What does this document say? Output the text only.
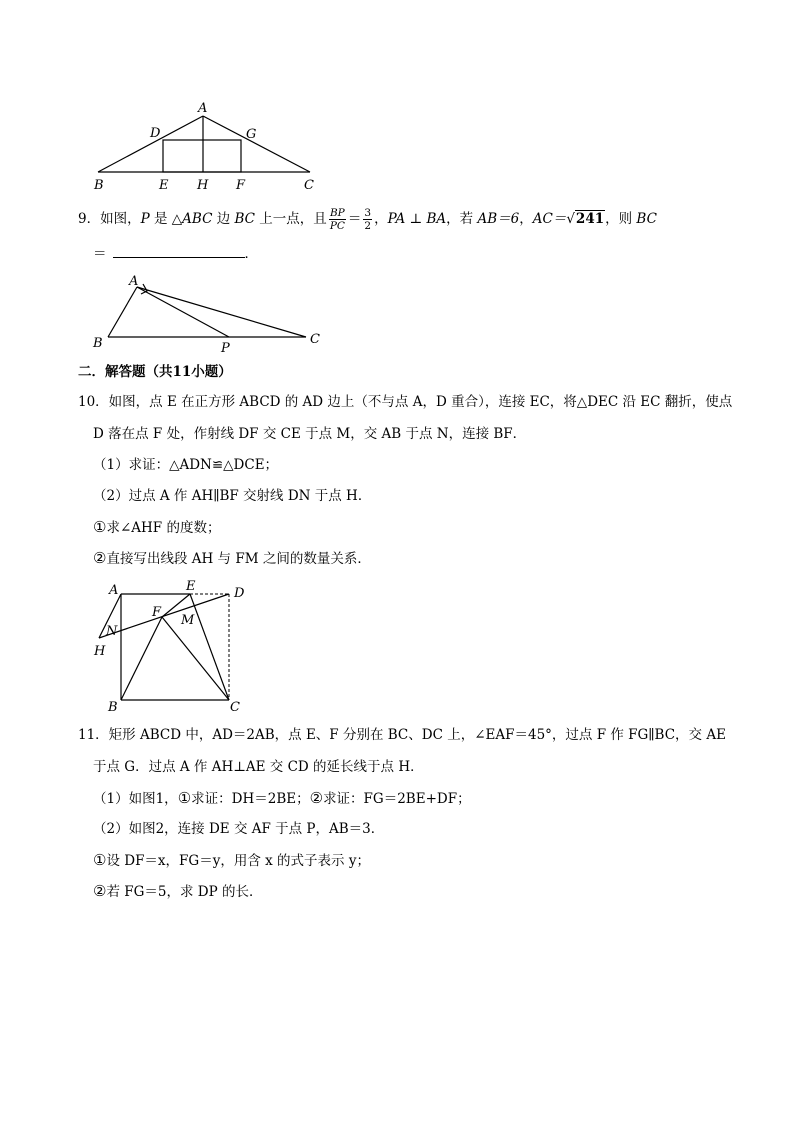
A
D	G
B	E H F	C
9．如图，P 是 △ABC 边 BC 上一点，且 $\frac{BP}{PC} = \frac{3}{2}$ ，PA ⊥ BA，若 AB＝6，AC＝√241，则 BC
＝	．
A
B	P
C
二．解答题（共11小题）
10．如图，点 E 在正方形 ABCD 的 AD 边上（不与点 A，D 重合），连接 EC，将△DEC 沿 EC 翻折，使点
D 落在点 F 处，作射线 DF 交 CE 于点 M，交 AB 于点 N，连接 BF．
（1）求证：△ADN≌△DCE；
（2）过点 A 作 AH∥BF 交射线 DN 于点 H．
①求∠AHF 的度数；
②直接写出线段 AH 与 FM 之间的数量关系．
A	E	D
F
M
N
H
B	C
11．矩形 ABCD 中，AD＝2AB，点 E、F 分别在 BC、DC 上，∠EAF＝45°，过点 F 作 FG∥BC，交 AE
于点 G．过点 A 作 AH⊥AE 交 CD 的延长线于点 H．
（1）如图1，①求证：DH＝2BE；②求证：FG＝2BE+DF；
（2）如图2，连接 DE 交 AF 于点 P，AB＝3．
①设 DF＝x，FG＝y，用含 x 的式子表示 y；
②若 FG＝5，求 DP 的长．
